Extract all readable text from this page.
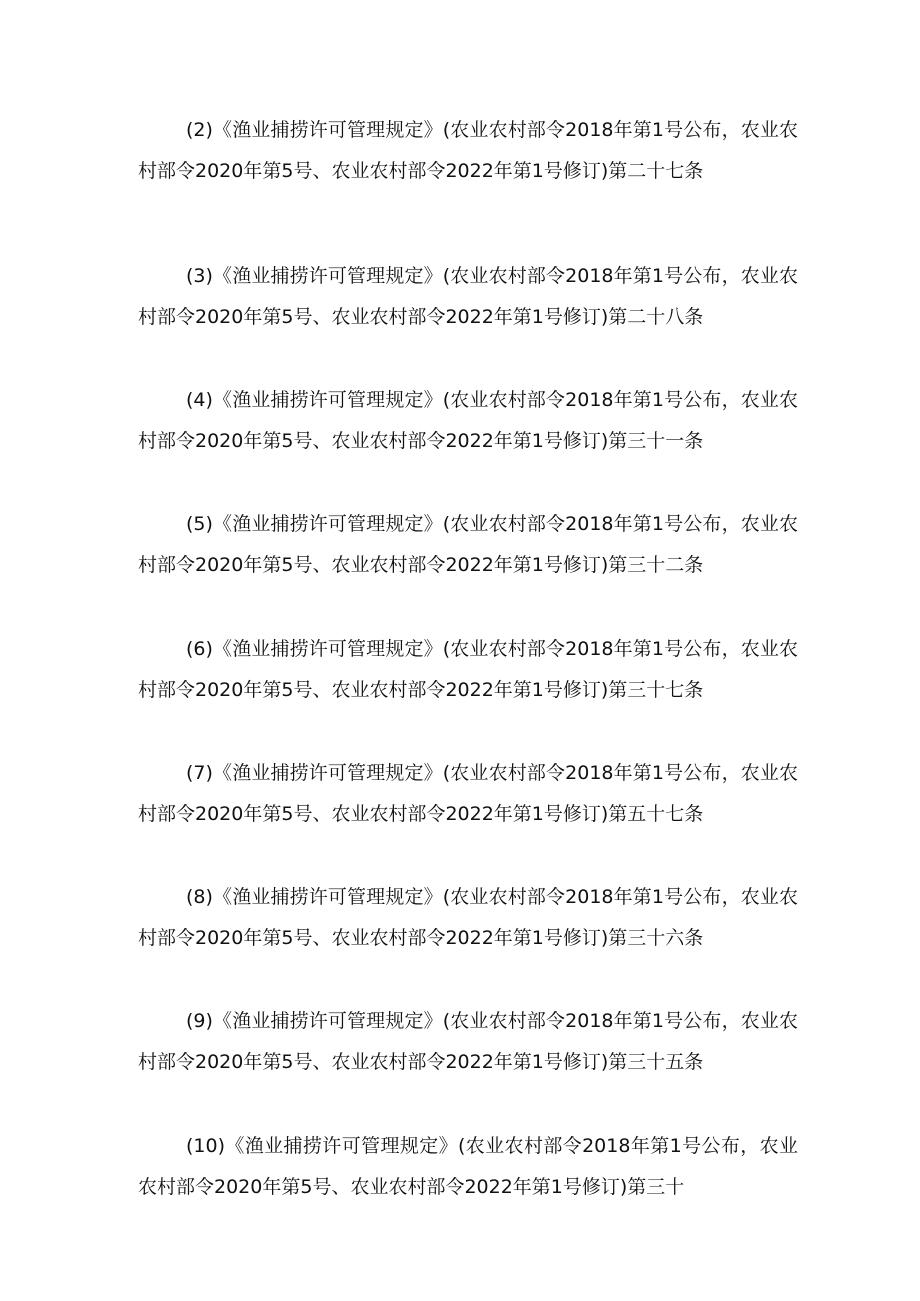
(2)《渔业捕捞许可管理规定》(农业农村部令2018年第1号公布，农业农村部令2020年第5号、农业农村部令2022年第1号修订)第二十七条

(3)《渔业捕捞许可管理规定》(农业农村部令2018年第1号公布，农业农村部令2020年第5号、农业农村部令2022年第1号修订)第二十八条

(4)《渔业捕捞许可管理规定》(农业农村部令2018年第1号公布，农业农村部令2020年第5号、农业农村部令2022年第1号修订)第三十一条

(5)《渔业捕捞许可管理规定》(农业农村部令2018年第1号公布，农业农村部令2020年第5号、农业农村部令2022年第1号修订)第三十二条

(6)《渔业捕捞许可管理规定》(农业农村部令2018年第1号公布，农业农村部令2020年第5号、农业农村部令2022年第1号修订)第三十七条

(7)《渔业捕捞许可管理规定》(农业农村部令2018年第1号公布，农业农村部令2020年第5号、农业农村部令2022年第1号修订)第五十七条

(8)《渔业捕捞许可管理规定》(农业农村部令2018年第1号公布，农业农村部令2020年第5号、农业农村部令2022年第1号修订)第三十六条

(9)《渔业捕捞许可管理规定》(农业农村部令2018年第1号公布，农业农村部令2020年第5号、农业农村部令2022年第1号修订)第三十五条

(10)《渔业捕捞许可管理规定》(农业农村部令2018年第1号公布，农业农村部令2020年第5号、农业农村部令2022年第1号修订)第三十
